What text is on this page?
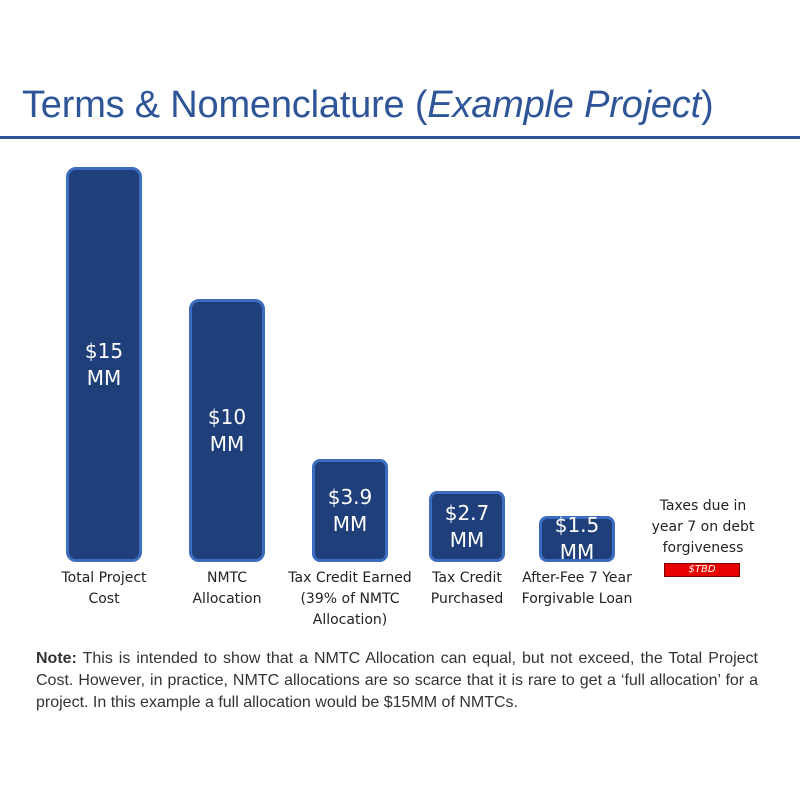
Terms & Nomenclature (Example Project)
$15
MM
Total Project
Cost
$10
MM
NMTC
Allocation
$3.9
MM
Tax Credit Earned
(39% of NMTC
Allocation)
$2.7
MM
Tax Credit
Purchased
$1.5
MM
After-Fee 7 Year
Forgivable Loan
Taxes due in
year 7 on debt
forgiveness
$TBD
Note: This is intended to show that a NMTC Allocation can equal, but not exceed, the Total Project Cost. However, in practice, NMTC allocations are so scarce that it is rare to get a ‘full allocation’ for a project. In this example a full allocation would be $15MM of NMTCs.
